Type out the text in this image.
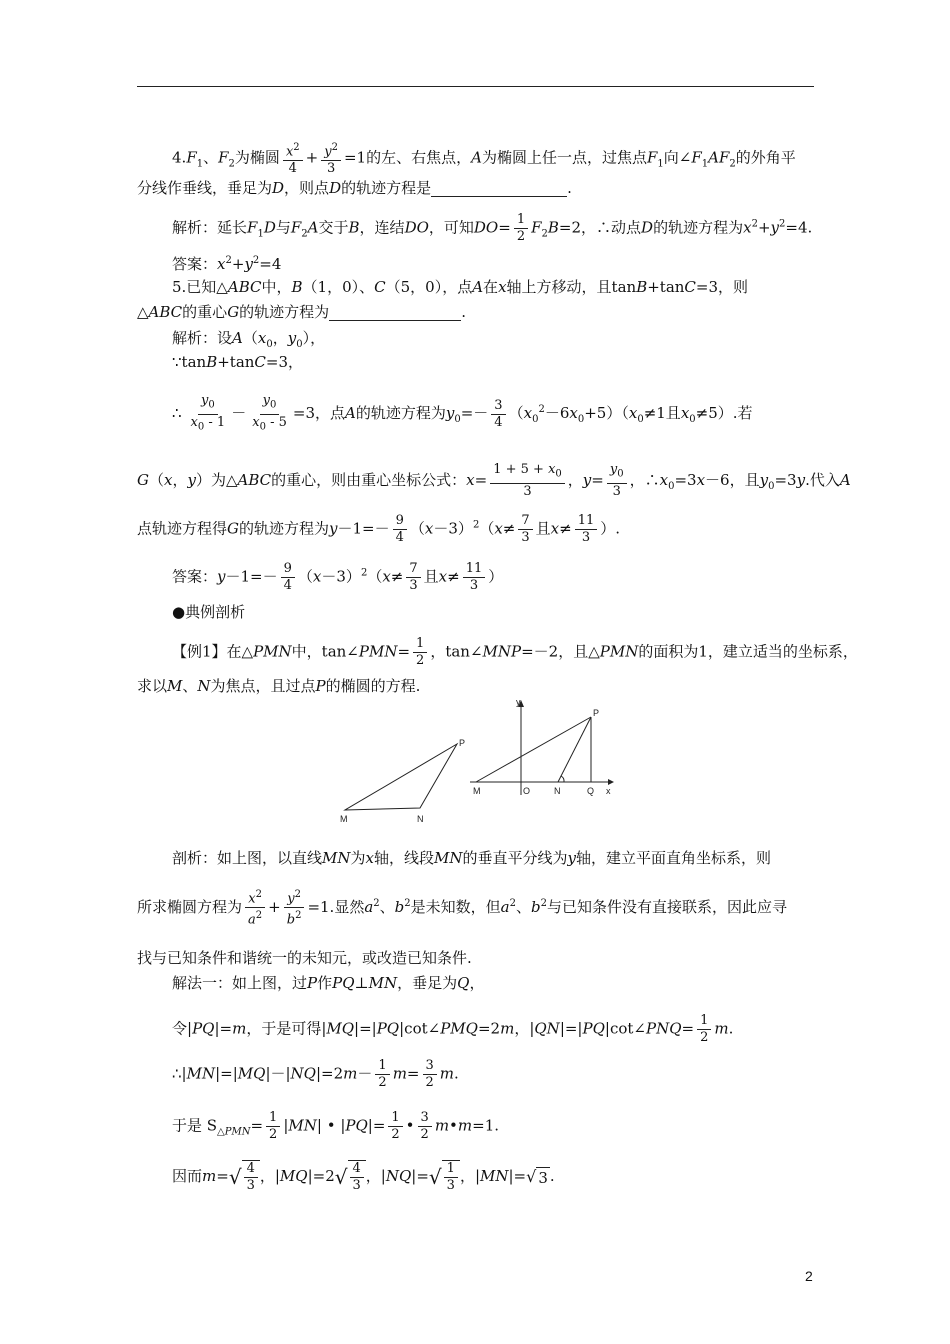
$4.F_1$、$F_2$为椭圆 $\frac{x^2}{4} + \frac{y^2}{3} =1$的左、右焦点，A为椭圆上任一点，过焦点$F_1$向$\angle F_1AF_2$的外角平
分线作垂线，垂足为D，则点D的轨迹方程是	.
解析：延长$F_1D$与$F_2A$交于B，连结DO，可知$DO= \frac{1}{2} F_2B=2$，∴动点D的轨迹方程为$x^2+y^2=4$.
答案：$x^2+y^2=4$
5.已知△ABC中，B（1，0）、C（5，0），点A在x轴上方移动，且tanB+tanC=3，则
△ABC的重心G的轨迹方程为	.
解析：设$A(x_0$，$y_0$），
∵tanB+tanC=3，
∴ $\frac{y_0}{x_0 - 1} - \frac{y_0}{x_0 - 5} =3$，点A的轨迹方程为$y_0=- \frac{3}{4} (x_0^2-6x_0+5)(x_0\ne 1$且$x_0\ne 5$）.若
G（x，y）为△ABC的重心，则由重心坐标公式：$x= \frac{1 + 5 + x_0}{3}$ ，$y= \frac{y_0}{3}$ ，$\therefore x_0=3x-6$，且$y_0=3y$.代入A
点轨迹方程得G的轨迹方程为$y-1=- \frac{9}{4} (x-3)^2(x\ne \frac{7}{3}$ 且$x\ne \frac{11}{3}$ ）.
答案：$y-1=- \frac{9}{4} (x-3)^2(x\ne \frac{7}{3}$ 且$x\ne \frac{11}{3}$ ）
●典例剖析
【例1】在△PMN中，tan∠PMN= $\frac{1}{2}$ ，tan∠MNP=－2，且△PMN的面积为1，建立适当的坐标系，
求以M、N为焦点，且过点P的椭圆的方程.
M	N
P
y
P
M	O	N	Q x
剖析：如上图，以直线MN为x轴，线段MN的垂直平分线为y轴，建立平面直角坐标系，则
所求椭圆方程为 $\frac{x^2}{a^2} + \frac{y^2}{b^2} =1$.显然$a^2$、$b^2$是未知数，但$a^2$、$b^2$与已知条件没有直接联系，因此应寻
找与已知条件和谐统一的未知元，或改造已知条件.
解法一：如上图，过P作PQ⊥MN，垂足为Q，
令|PQ|=m，于是可得|MQ|=|PQ|cot∠PMQ=2m，|QN|=|PQ|cot∠PNQ= $\frac{1}{2} m$.
∴|MN|=|MQ|－|NQ|=2m－ $\frac{1}{2} m= \frac{3}{2} m$.
于是 $S_{\triangle PMN}= \frac{1}{2} |MN|$ • $|PQ|= \frac{1}{2}$ • $\frac{3}{2}$ m•m=1.
因而m= √ $\frac{4}{3}$ ，|MQ|=2 √ $\frac{4}{3}$ ，|NQ|= √ $\frac{1}{3}$ ，|MN|= √ 3 .
2
